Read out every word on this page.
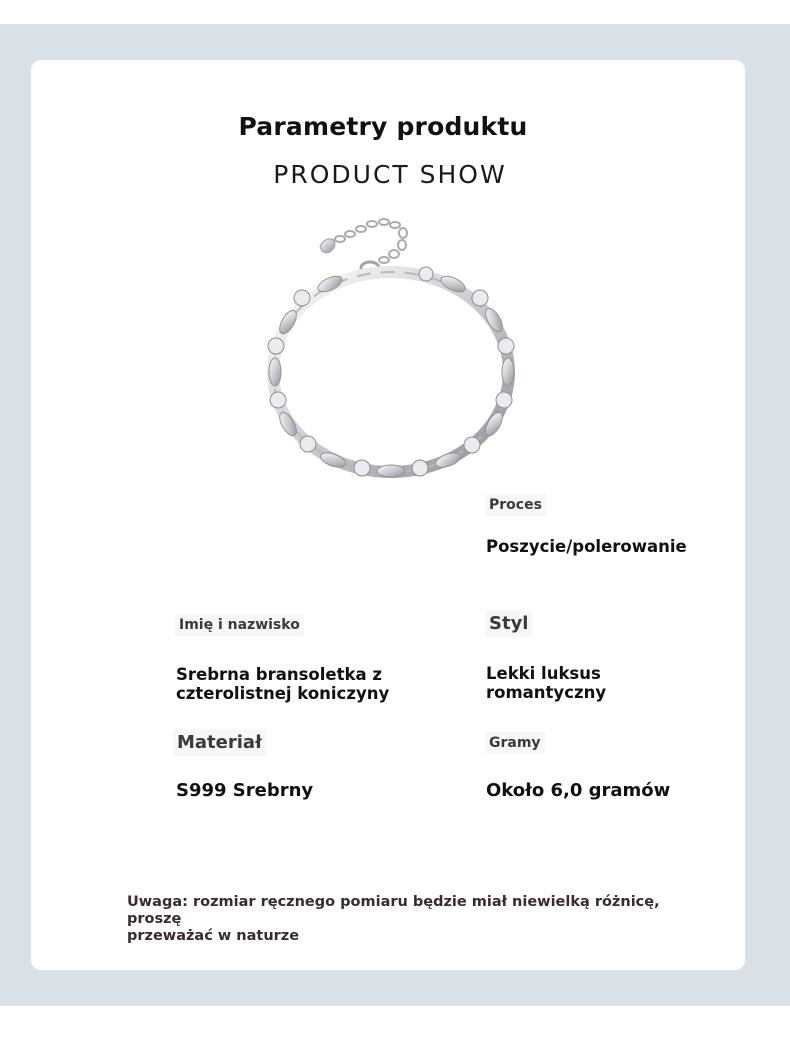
Parametry produktu
PRODUCT SHOW
Proces
Poszycie/polerowanie
Imię i nazwisko
Srebrna bransoletka z
czterolistnej koniczyny
Styl
Lekki luksus
romantyczny
Materiał
S999 Srebrny
Gramy
Około 6,0 gramów
Uwaga: rozmiar ręcznego pomiaru będzie miał niewielką różnicę, proszę
przeważać w naturze
